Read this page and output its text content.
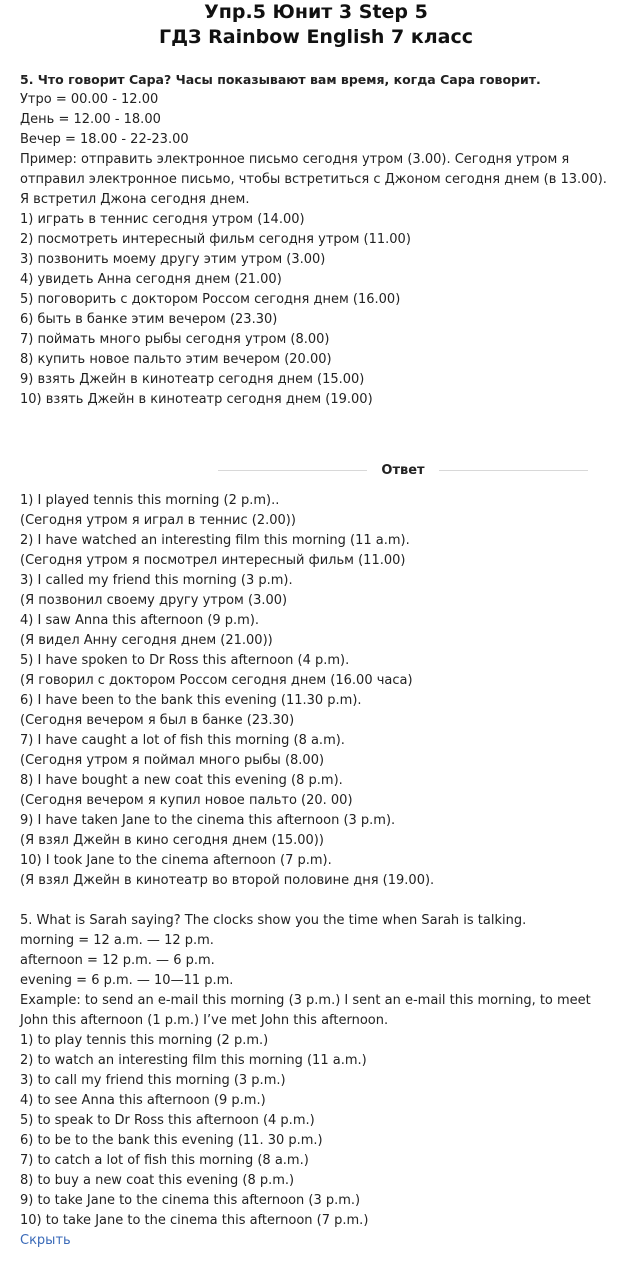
Упр.5 Юнит 3 Step 5
ГДЗ Rainbow English 7 класс
5. Что говорит Сара? Часы показывают вам время, когда Сара говорит.
Утро = 00.00 - 12.00
День = 12.00 - 18.00
Вечер = 18.00 - 22-23.00
Пример: отправить электронное письмо сегодня утром (3.00). Сегодня утром я
отправил электронное письмо, чтобы встретиться с Джоном сегодня днем (в 13.00).
Я встретил Джона сегодня днем.
1) играть в теннис сегодня утром (14.00)
2) посмотреть интересный фильм сегодня утром (11.00)
3) позвонить моему другу этим утром (3.00)
4) увидеть Анна сегодня днем (21.00)
5) поговорить с доктором Россом сегодня днем (16.00)
6) быть в банке этим вечером (23.30)
7) поймать много рыбы сегодня утром (8.00)
8) купить новое пальто этим вечером (20.00)
9) взять Джейн в кинотеатр сегодня днем (15.00)
10) взять Джейн в кинотеатр сегодня днем (19.00)
Ответ
1) I played tennis this morning (2 p.m)..
(Сегодня утром я играл в теннис (2.00))
2) I have watched an interesting film this morning (11 a.m).
(Сегодня утром я посмотрел интересный фильм (11.00)
3) I called my friend this morning (3 p.m).
(Я позвонил своему другу утром (3.00)
4) I saw Anna this afternoon (9 p.m).
(Я видел Анну сегодня днем (21.00))
5) I have spoken to Dr Ross this afternoon (4 p.m).
(Я говорил с доктором Россом сегодня днем (16.00 часа)
6) I have been to the bank this evening (11.30 p.m).
(Сегодня вечером я был в банке (23.30)
7) I have caught a lot of fish this morning (8 a.m).
(Сегодня утром я поймал много рыбы (8.00)
8) I have bought a new coat this evening (8 p.m).
(Сегодня вечером я купил новое пальто (20. 00)
9) I have taken Jane to the cinema this afternoon (3 p.m).
(Я взял Джейн в кино сегодня днем (15.00))
10) I took Jane to the cinema afternoon (7 p.m).
(Я взял Джейн в кинотеатр во второй половине дня (19.00).
5. What is Sarah saying? The clocks show you the time when Sarah is talking.
morning = 12 a.m. — 12 p.m.
afternoon = 12 p.m. — 6 p.m.
evening = 6 p.m. — 10—11 p.m.
Example: to send an e-mail this morning (3 p.m.) I sent an e-mail this morning, to meet
John this afternoon (1 p.m.) I’ve met John this afternoon.
1) to play tennis this morning (2 p.m.)
2) to watch an interesting film this morning (11 a.m.)
3) to call my friend this morning (3 p.m.)
4) to see Anna this afternoon (9 p.m.)
5) to speak to Dr Ross this afternoon (4 p.m.)
6) to be to the bank this evening (11. 30 p.m.)
7) to catch a lot of fish this morning (8 a.m.)
8) to buy a new coat this evening (8 p.m.)
9) to take Jane to the cinema this afternoon (3 p.m.)
10) to take Jane to the cinema this afternoon (7 p.m.)
Скрыть
